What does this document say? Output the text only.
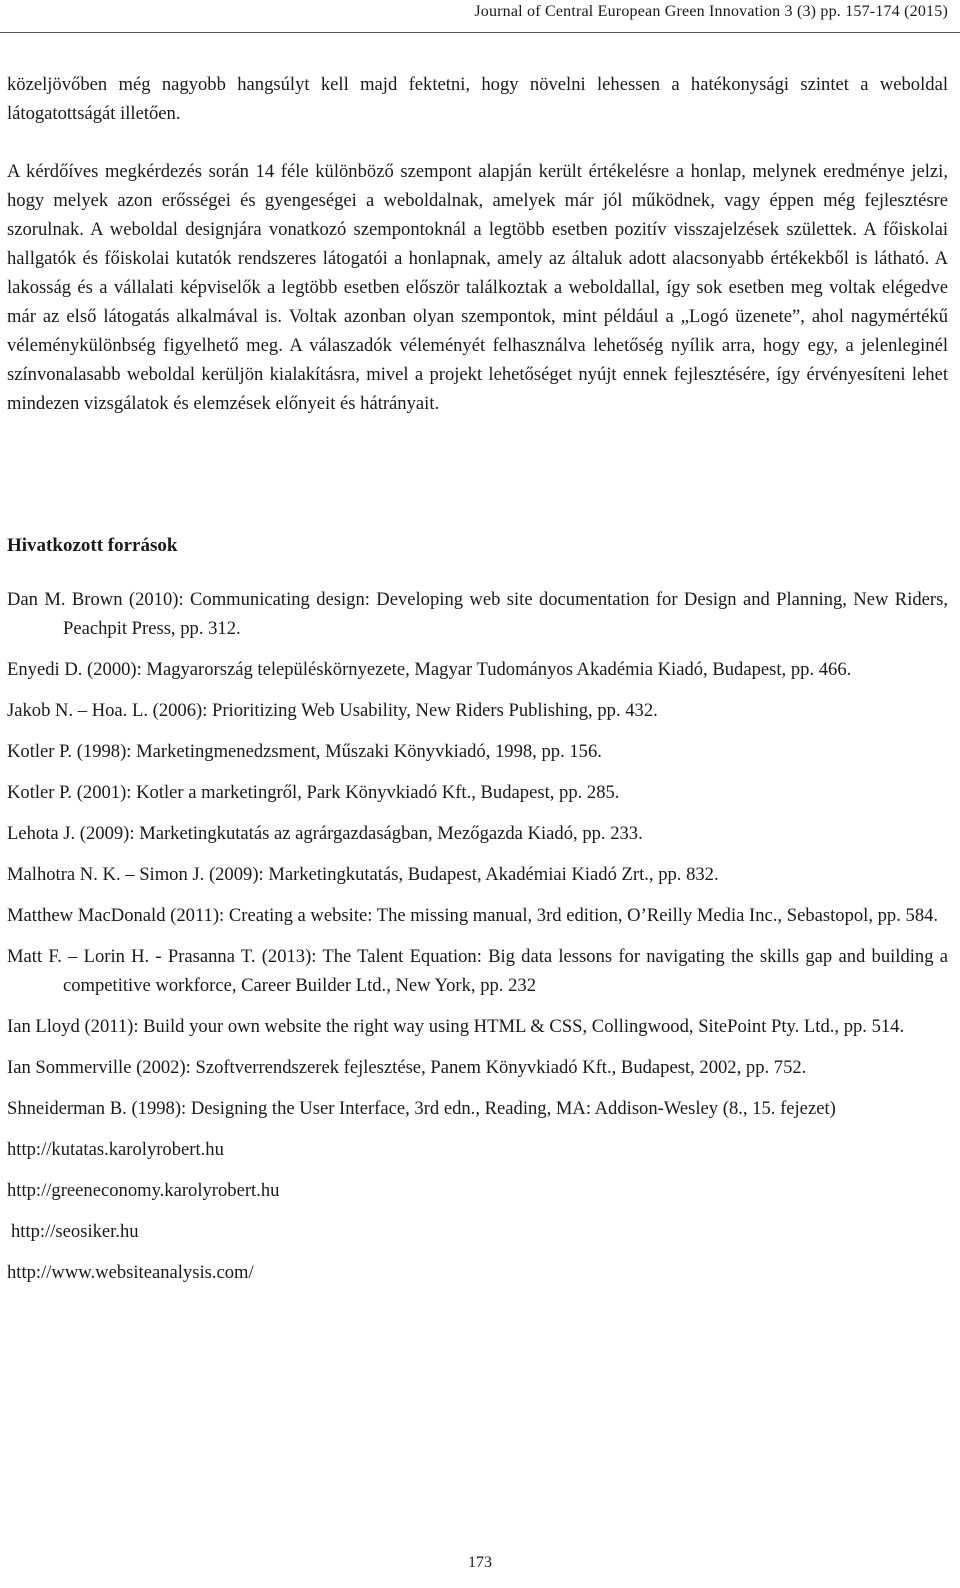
Journal of Central European Green Innovation 3 (3) pp. 157-174 (2015)

közeljövőben még nagyobb hangsúlyt kell majd fektetni, hogy növelni lehessen a hatékonysági szintet a weboldal látogatottságát illetően.

A kérdőíves megkérdezés során 14 féle különböző szempont alapján került értékelésre a honlap, melynek eredménye jelzi, hogy melyek azon erősségei és gyengeségei a weboldalnak, amelyek már jól működnek, vagy éppen még fejlesztésre szorulnak. A weboldal designjára vonatkozó szempontoknál a legtöbb esetben pozitív visszajelzések születtek. A főiskolai hallgatók és főiskolai kutatók rendszeres látogatói a honlapnak, amely az általuk adott alacsonyabb értékekből is látható. A lakosság és a vállalati képviselők a legtöbb esetben először találkoztak a weboldallal, így sok esetben meg voltak elégedve már az első látogatás alkalmával is. Voltak azonban olyan szempontok, mint például a „Logó üzenete”, ahol nagymértékű véleménykülönbség figyelhető meg. A válaszadók véleményét felhasználva lehetőség nyílik arra, hogy egy, a jelenleginél színvonalasabb weboldal kerüljön kialakításra, mivel a projekt lehetőséget nyújt ennek fejlesztésére, így érvényesíteni lehet mindezen vizsgálatok és elemzések előnyeit és hátrányait.

Hivatkozott források

Dan M. Brown (2010): Communicating design: Developing web site documentation for Design and Planning, New Riders, Peachpit Press, pp. 312.

Enyedi D. (2000): Magyarország településkörnyezete, Magyar Tudományos Akadémia Kiadó, Budapest, pp. 466.

Jakob N. – Hoa. L. (2006): Prioritizing Web Usability, New Riders Publishing, pp. 432.

Kotler P. (1998): Marketingmenedzsment, Műszaki Könyvkiadó, 1998, pp. 156.

Kotler P. (2001): Kotler a marketingről, Park Könyvkiadó Kft., Budapest, pp. 285.

Lehota J. (2009): Marketingkutatás az agrárgazdaságban, Mezőgazda Kiadó, pp. 233.

Malhotra N. K. – Simon J. (2009): Marketingkutatás, Budapest, Akadémiai Kiadó Zrt., pp. 832.

Matthew MacDonald (2011): Creating a website: The missing manual, 3rd edition, O’Reilly Media Inc., Sebastopol, pp. 584.

Matt F. – Lorin H. - Prasanna T. (2013): The Talent Equation: Big data lessons for navigating the skills gap and building a competitive workforce, Career Builder Ltd., New York, pp. 232

Ian Lloyd (2011): Build your own website the right way using HTML & CSS, Collingwood, SitePoint Pty. Ltd., pp. 514.

Ian Sommerville (2002): Szoftverrendszerek fejlesztése, Panem Könyvkiadó Kft., Budapest, 2002, pp. 752.

Shneiderman B. (1998): Designing the User Interface, 3rd edn., Reading, MA: Addison-Wesley (8., 15. fejezet)

http://kutatas.karolyrobert.hu

http://greeneconomy.karolyrobert.hu

http://seosiker.hu

http://www.websiteanalysis.com/

173
